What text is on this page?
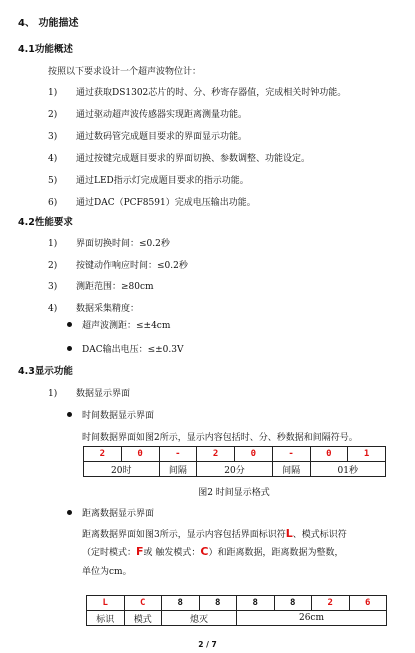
4、 功能描述
4.1功能概述
按照以下要求设计一个超声波物位计：
1) 通过获取DS1302芯片的时、分、秒寄存器值，完成相关时钟功能。
2) 通过驱动超声波传感器实现距离测量功能。
3) 通过数码管完成题目要求的界面显示功能。
4) 通过按键完成题目要求的界面切换、参数调整、功能设定。
5) 通过LED指示灯完成题目要求的指示功能。
6) 通过DAC（PCF8591）完成电压输出功能。
4.2性能要求
1) 界面切换时间：≤0.2秒
2) 按键动作响应时间：≤0.2秒
3) 测距范围：≥80cm
4) 数据采集精度：
超声波测距：≤±4cm
DAC输出电压：≤±0.3V
4.3显示功能
1) 数据显示界面
时间数据显示界面
时间数据界面如图2所示，显示内容包括时、分、秒数据和间隔符号。
2	0	-	2	0	-	0	1
20时		间隔	20分		间隔	01秒	
图2 时间显示格式
距离数据显示界面
距离数据界面如图3所示，显示内容包括界面标识符L、模式标识符
（定时模式：F或 触发模式：C）和距离数据，距离数据为整数，
单位为cm。
L	C	8	8	8	8	2	6
标识	模式	熄灭		26cm			
2 / 7
